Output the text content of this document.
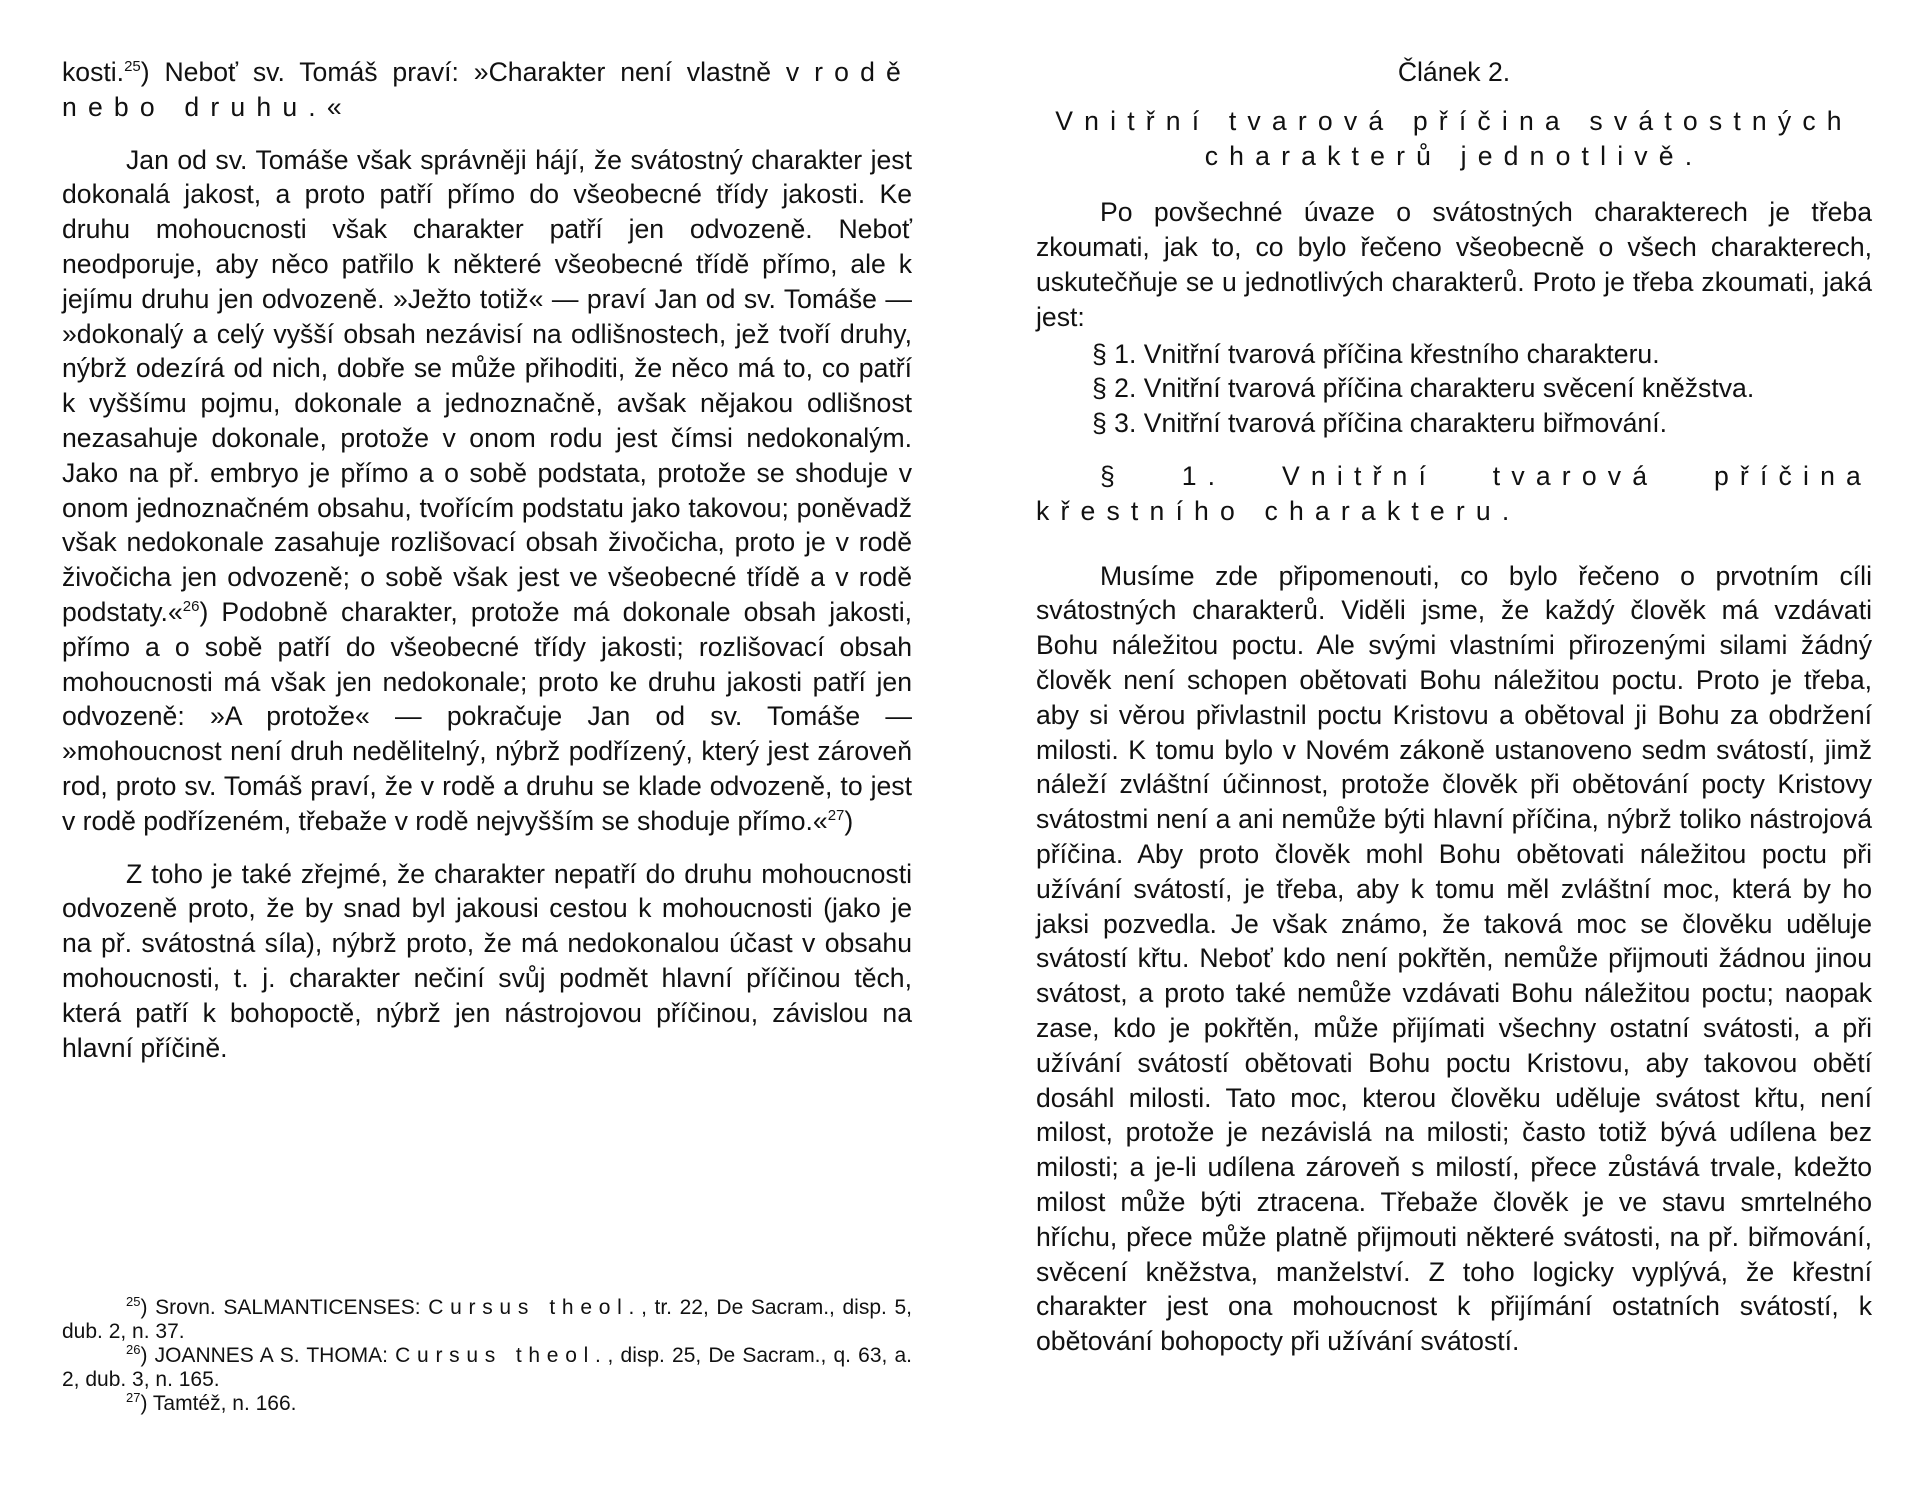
kosti.$^{25}$) Neboť sv. Tomáš praví: »Charakter není vlastně v rodě nebo druhu.«

Jan od sv. Tomáše však správněji hájí, že svátostný charakter jest dokonalá jakost, a proto patří přímo do všeobecné třídy jakosti. Ke druhu mohoucnosti však charakter patří jen odvozeně. Neboť neodporuje, aby něco patřilo k některé všeobecné třídě přímo, ale k jejímu druhu jen odvozeně. »Ježto totiž« — praví Jan od sv. Tomáše — »dokonalý a celý vyšší obsah nezávisí na odlišnostech, jež tvoří druhy, nýbrž odezírá od nich, dobře se může přihoditi, že něco má to, co patří k vyššímu pojmu, dokonale a jednoznačně, avšak nějakou odlišnost nezasahuje dokonale, protože v onom rodu jest čímsi nedokonalým. Jako na př. embryo je přímo a o sobě podstata, protože se shoduje v onom jednoznačném obsahu, tvořícím podstatu jako takovou; poněvadž však nedokonale zasahuje rozlišovací obsah živočicha, proto je v rodě živočicha jen odvozeně; o sobě však jest ve všeobecné třídě a v rodě podstaty.«$^{26}$) Podobně charakter, protože má dokonale obsah jakosti, přímo a o sobě patří do všeobecné třídy jakosti; rozlišovací obsah mohoucnosti má však jen nedokonale; proto ke druhu jakosti patří jen odvozeně: »A protože« — pokračuje Jan od sv. Tomáše — »mohoucnost není druh nedělitelný, nýbrž podřízený, který jest zároveň rod, proto sv. Tomáš praví, že v rodě a druhu se klade odvozeně, to jest v rodě podřízeném, třebaže v rodě nejvyšším se shoduje přímo.«$^{27}$)

Z toho je také zřejmé, že charakter nepatří do druhu mohoucnosti odvozeně proto, že by snad byl jakousi cestou k mohoucnosti (jako je na př. svátostná síla), nýbrž proto, že má nedokonalou účast v obsahu mohoucnosti, t. j. charakter nečiní svůj podmět hlavní příčinou těch, která patří k bohopoctě, nýbrž jen nástrojovou příčinou, závislou na hlavní příčině.

$^{25}$) Srovn. SALMANTICENSES: Cursus theol., tr. 22, De Sacram., disp. 5, dub. 2, n. 37.

$^{26}$) JOANNES A S. THOMA: Cursus theol., disp. 25, De Sacram., q. 63, a. 2, dub. 3, n. 165.

$^{27}$) Tamtéž, n. 166.

Článek 2.

Vnitřní tvarová příčina svátostných

charakterů jednotlivě.

Po povšechné úvaze o svátostných charakterech je třeba zkoumati, jak to, co bylo řečeno všeobecně o všech charakterech, uskutečňuje se u jednotlivých charakterů. Proto je třeba zkoumati, jaká jest:

§ 1. Vnitřní tvarová příčina křestního charakteru.
§ 2. Vnitřní tvarová příčina charakteru svěcení kněžstva.
§ 3. Vnitřní tvarová příčina charakteru biřmování.

§ 1. Vnitřní tvarová příčina křestního charakteru.

Musíme zde připomenouti, co bylo řečeno o prvotním cíli svátostných charakterů. Viděli jsme, že každý člověk má vzdávati Bohu náležitou poctu. Ale svými vlastními přirozenými silami žádný člověk není schopen obětovati Bohu náležitou poctu. Proto je třeba, aby si věrou přivlastnil poctu Kristovu a obětoval ji Bohu za obdržení milosti. K tomu bylo v Novém zákoně ustanoveno sedm svátostí, jimž náleží zvláštní účinnost, protože člověk při obětování pocty Kristovy svátostmi není a ani nemůže býti hlavní příčina, nýbrž toliko nástrojová příčina. Aby proto člověk mohl Bohu obětovati náležitou poctu při užívání svátostí, je třeba, aby k tomu měl zvláštní moc, která by ho jaksi pozvedla. Je však známo, že taková moc se člověku uděluje svátostí křtu. Neboť kdo není pokřtěn, nemůže přijmouti žádnou jinou svátost, a proto také nemůže vzdávati Bohu náležitou poctu; naopak zase, kdo je pokřtěn, může přijímati všechny ostatní svátosti, a při užívání svátostí obětovati Bohu poctu Kristovu, aby takovou obětí dosáhl milosti. Tato moc, kterou člověku uděluje svátost křtu, není milost, protože je nezávislá na milosti; často totiž bývá udílena bez milosti; a je-li udílena zároveň s milostí, přece zůstává trvale, kdežto milost může býti ztracena. Třebaže člověk je ve stavu smrtelného hříchu, přece může platně přijmouti některé svátosti, na př. biřmování, svěcení kněžstva, manželství. Z toho logicky vyplývá, že křestní charakter jest ona mohoucnost k přijímání ostatních svátostí, k obětování bohopocty při užívání svátostí.
